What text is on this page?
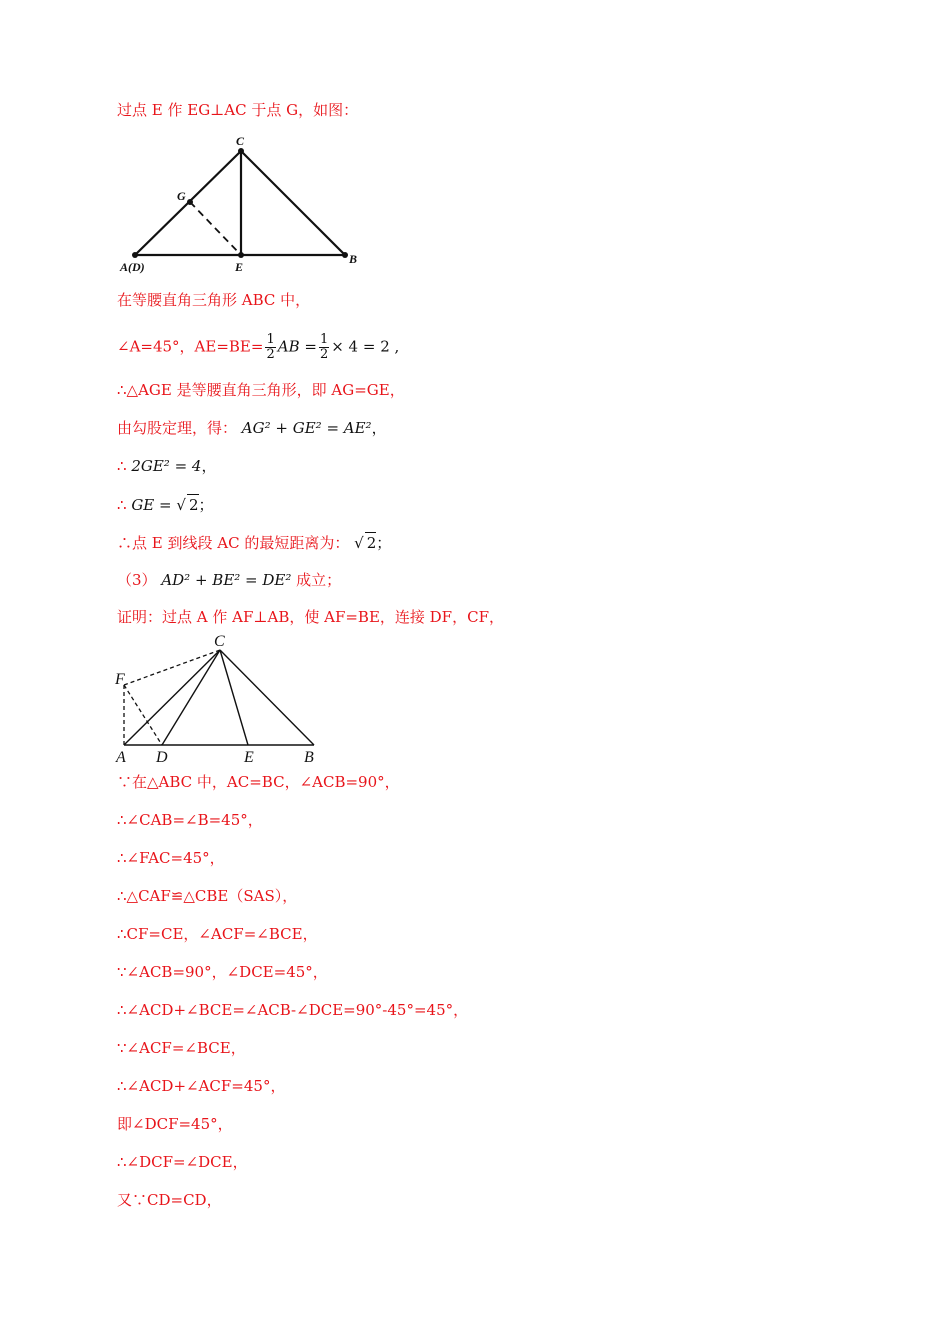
过点 E 作 EG⊥AC 于点 G，如图：
C
G
A(D)	E
B
在等腰直角三角形 ABC 中，
∠A=45°，$AE=BE= \frac{1}{2}$ AB = $\frac{1}{2} \times 4 = 2$ ,
∴△AGE 是等腰直角三角形，即 AG=GE，
由勾股定理，得： AG² + GE² = AE²，
∴ 2GE² = 4，
∴ GE = √ 2；
∴点 E 到线段 AC 的最短距离为： √ 2；
（3） AD² + BE² = DE² 成立；
证明：过点 A 作 AF⊥AB，使 AF=BE，连接 DF，CF，
C
F
A D	E	B
∵在△ABC 中，AC=BC，∠ACB=90°，
∴∠CAB=∠B=45°，
∴∠FAC=45°，
∴△CAF≌△CBE（SAS），
∴CF=CE，∠ACF=∠BCE，
∵∠ACB=90°，∠DCE=45°，
∴∠ACD+∠BCE=∠ACB-∠DCE=90°-45°=45°，
∵∠ACF=∠BCE，
∴∠ACD+∠ACF=45°，
即∠DCF=45°，
∴∠DCF=∠DCE，
又∵CD=CD，
